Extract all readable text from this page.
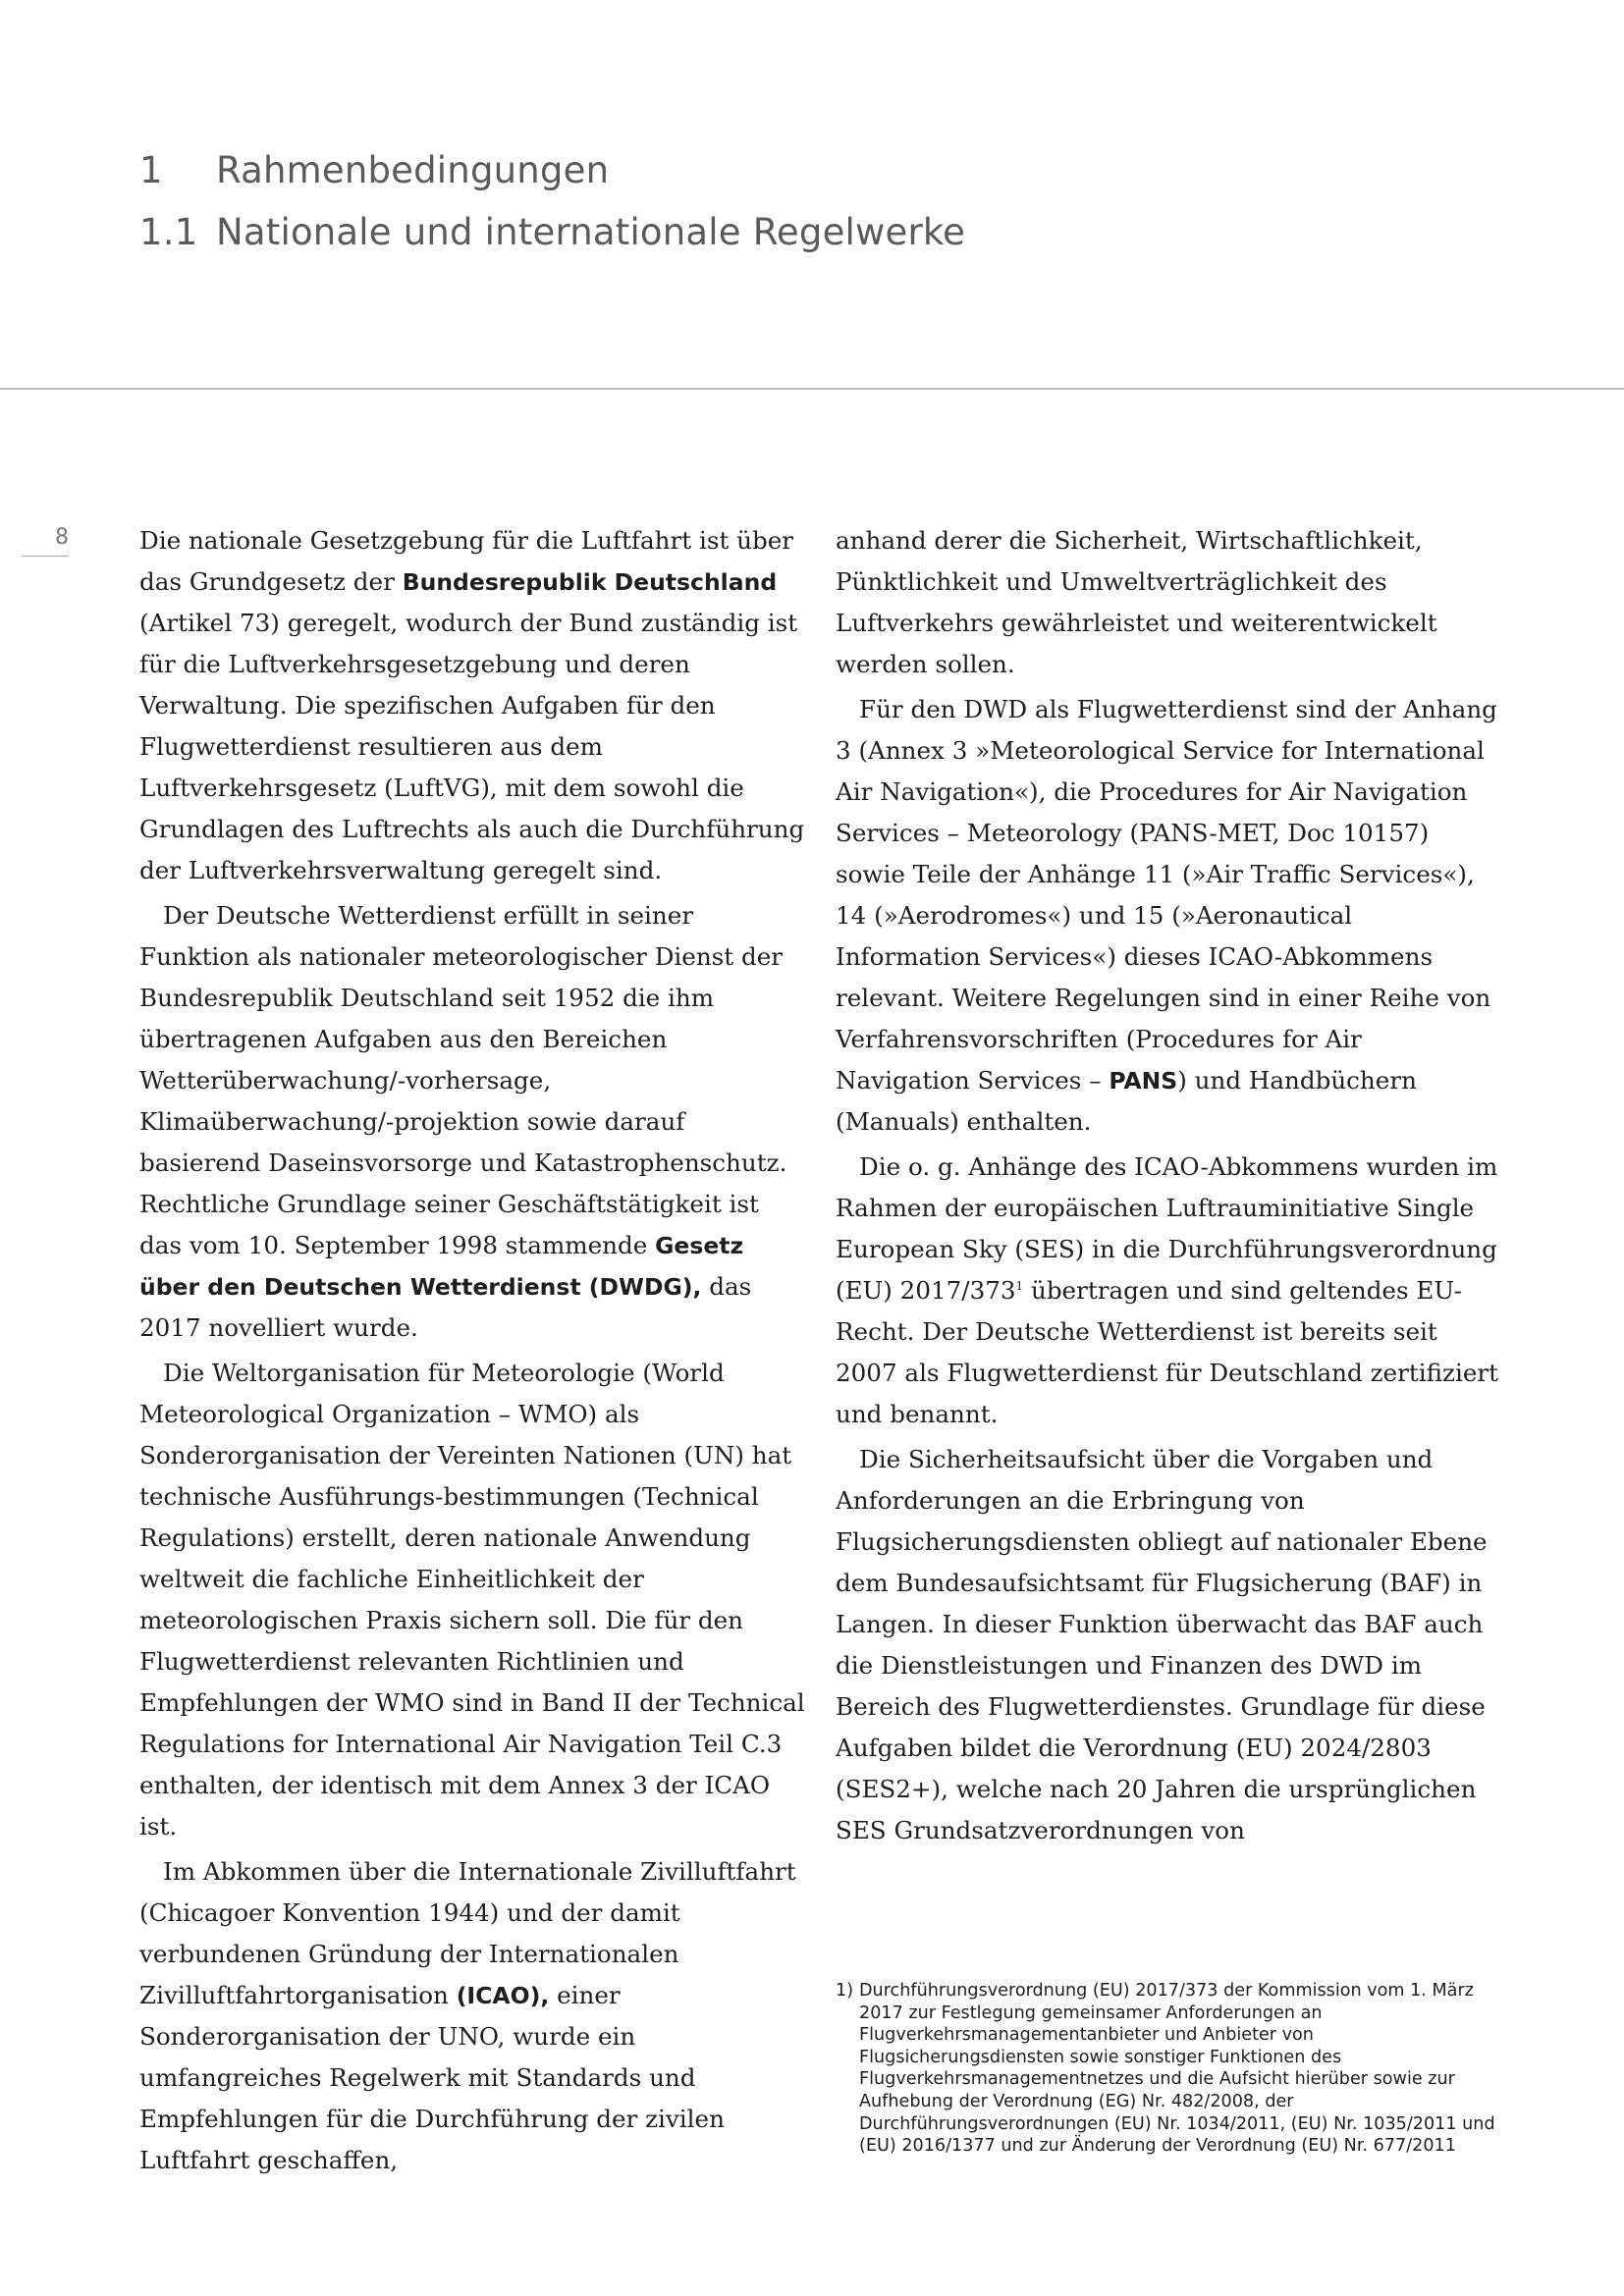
1 Rahmenbedingungen
1.1 Nationale und internationale Regelwerke
8	Die nationale Gesetzgebung für die Luftfahrt ist über das Grundgesetz der Bundesrepublik Deutschland (Artikel 73) geregelt, wodurch der Bund zuständig ist für die Luftverkehrsgesetzgebung und deren Verwaltung. Die spezifischen Aufgaben für den Flugwetterdienst resultieren aus dem Luftverkehrsgesetz (LuftVG), mit dem sowohl die Grundlagen des Luftrechts als auch die Durchführung der Luftverkehrsverwaltung geregelt sind.

Der Deutsche Wetterdienst erfüllt in seiner Funktion als nationaler meteorologischer Dienst der Bundesrepublik Deutschland seit 1952 die ihm übertragenen Aufgaben aus den Bereichen Wetterüberwachung/-vorhersage, Klimaüberwachung/-projektion sowie darauf basierend Daseinsvorsorge und Katastrophenschutz. Rechtliche Grundlage seiner Geschäftstätigkeit ist das vom 10. September 1998 stammende Gesetz über den Deutschen Wetterdienst (DWDG), das 2017 novelliert wurde.

Die Weltorganisation für Meteorologie (World Meteorological Organization – WMO) als Sonderorganisation der Vereinten Nationen (UN) hat technische Ausführungs-bestimmungen (Technical Regulations) erstellt, deren nationale Anwendung weltweit die fachliche Einheitlichkeit der meteorologischen Praxis sichern soll. Die für den Flugwetterdienst relevanten Richtlinien und Empfehlungen der WMO sind in Band II der Technical Regulations for International Air Navigation Teil C.3 enthalten, der identisch mit dem Annex 3 der ICAO ist.

Im Abkommen über die Internationale Zivilluftfahrt (Chicagoer Konvention 1944) und der damit verbundenen Gründung der Internationalen Zivilluftfahrtorganisation (ICAO), einer Sonderorganisation der UNO, wurde ein umfangreiches Regelwerk mit Standards und Empfehlungen für die Durchführung der zivilen Luftfahrt geschaffen,

anhand derer die Sicherheit, Wirtschaftlichkeit, Pünktlichkeit und Umweltverträglichkeit des Luftverkehrs gewährleistet und weiterentwickelt werden sollen.

Für den DWD als Flugwetterdienst sind der Anhang 3 (Annex 3 »Meteorological Service for International Air Navigation«), die Procedures for Air Navigation Services – Meteorology (PANS-MET, Doc 10157) sowie Teile der Anhänge 11 (»Air Traffic Services«), 14 (»Aerodromes«) und 15 (»Aeronautical Information Services«) dieses ICAO-Abkommens relevant. Weitere Regelungen sind in einer Reihe von Verfahrensvorschriften (Procedures for Air Navigation Services – PANS) und Handbüchern (Manuals) enthalten.

Die o. g. Anhänge des ICAO-Abkommens wurden im Rahmen der europäischen Luftrauminitiative Single European Sky (SES) in die Durchführungsverordnung (EU) $2017/373^1$ übertragen und sind geltendes EU-Recht. Der Deutsche Wetterdienst ist bereits seit 2007 als Flugwetterdienst für Deutschland zertifiziert und benannt.

Die Sicherheitsaufsicht über die Vorgaben und Anforderungen an die Erbringung von Flugsicherungsdiensten obliegt auf nationaler Ebene dem Bundesaufsichtsamt für Flugsicherung (BAF) in Langen. In dieser Funktion überwacht das BAF auch die Dienstleistungen und Finanzen des DWD im Bereich des Flugwetterdienstes. Grundlage für diese Aufgaben bildet die Verordnung (EU) 2024/2803 (SES2+), welche nach 20 Jahren die ursprünglichen SES Grundsatzverordnungen von

1) Durchführungsverordnung (EU) 2017/373 der Kommission vom 1. März 2017 zur Festlegung gemeinsamer Anforderungen an Flugverkehrsmanagementanbieter und Anbieter von Flugsicherungsdiensten sowie sonstiger Funktionen des Flugverkehrsmanagementnetzes und die Aufsicht hierüber sowie zur Aufhebung der Verordnung (EG) Nr. 482/2008, der Durchführungsverordnungen (EU) Nr. 1034/2011, (EU) Nr. 1035/2011 und (EU) 2016/1377 und zur Änderung der Verordnung (EU) Nr. 677/2011
